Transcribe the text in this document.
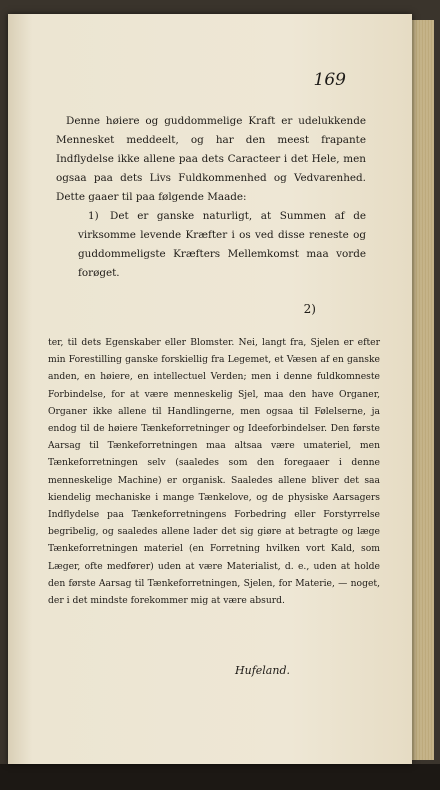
169

Denne høiere og guddommelige Kraft er udelukkende Mennesket meddeelt, og har den meest frapante Indflydelse ikke allene paa dets Caracteer i det Hele, men ogsaa paa dets Livs Fuldkommenhed og Vedvarenhed. Dette gaaer til paa følgende Maade:

1) Det er ganske naturligt, at Summen af de virksomme levende Kræfter i os ved disse reneste og guddommeligste Kræfters Mellemkomst maa vorde forøget.

2)

ter, til dets Egenskaber eller Blomster. Nei, langt fra, Sjelen er efter min Forestilling ganske forskiellig fra Legemet, et Væsen af en ganske anden, en høiere, en intellectuel Verden; men i denne fuldkomneste Forbindelse, for at være menneskelig Sjel, maa den have Organer, Organer ikke allene til Handlingerne, men ogsaa til Følelserne, ja endog til de høiere Tænkeforretninger og Ideeforbindelser. Den første Aarsag til Tænkeforretningen maa altsaa være umateriel, men Tænkeforretningen selv (saaledes som den foregaaer i denne menneskelige Machine) er organisk. Saaledes allene bliver det saa kiendelig mechaniske i mange Tænkelove, og de physiske Aarsagers Indflydelse paa Tænkeforretningens Forbedring eller Forstyrrelse begribelig, og saaledes allene lader det sig giøre at betragte og læge Tænkeforretningen materiel (en Forretning hvilken vort Kald, som Læger, ofte medfører) uden at være Materialist, d. e., uden at holde den første Aarsag til Tænkeforretningen, Sjelen, for Materie, — noget, der i det mindste forekommer mig at være absurd.

Hufeland.
